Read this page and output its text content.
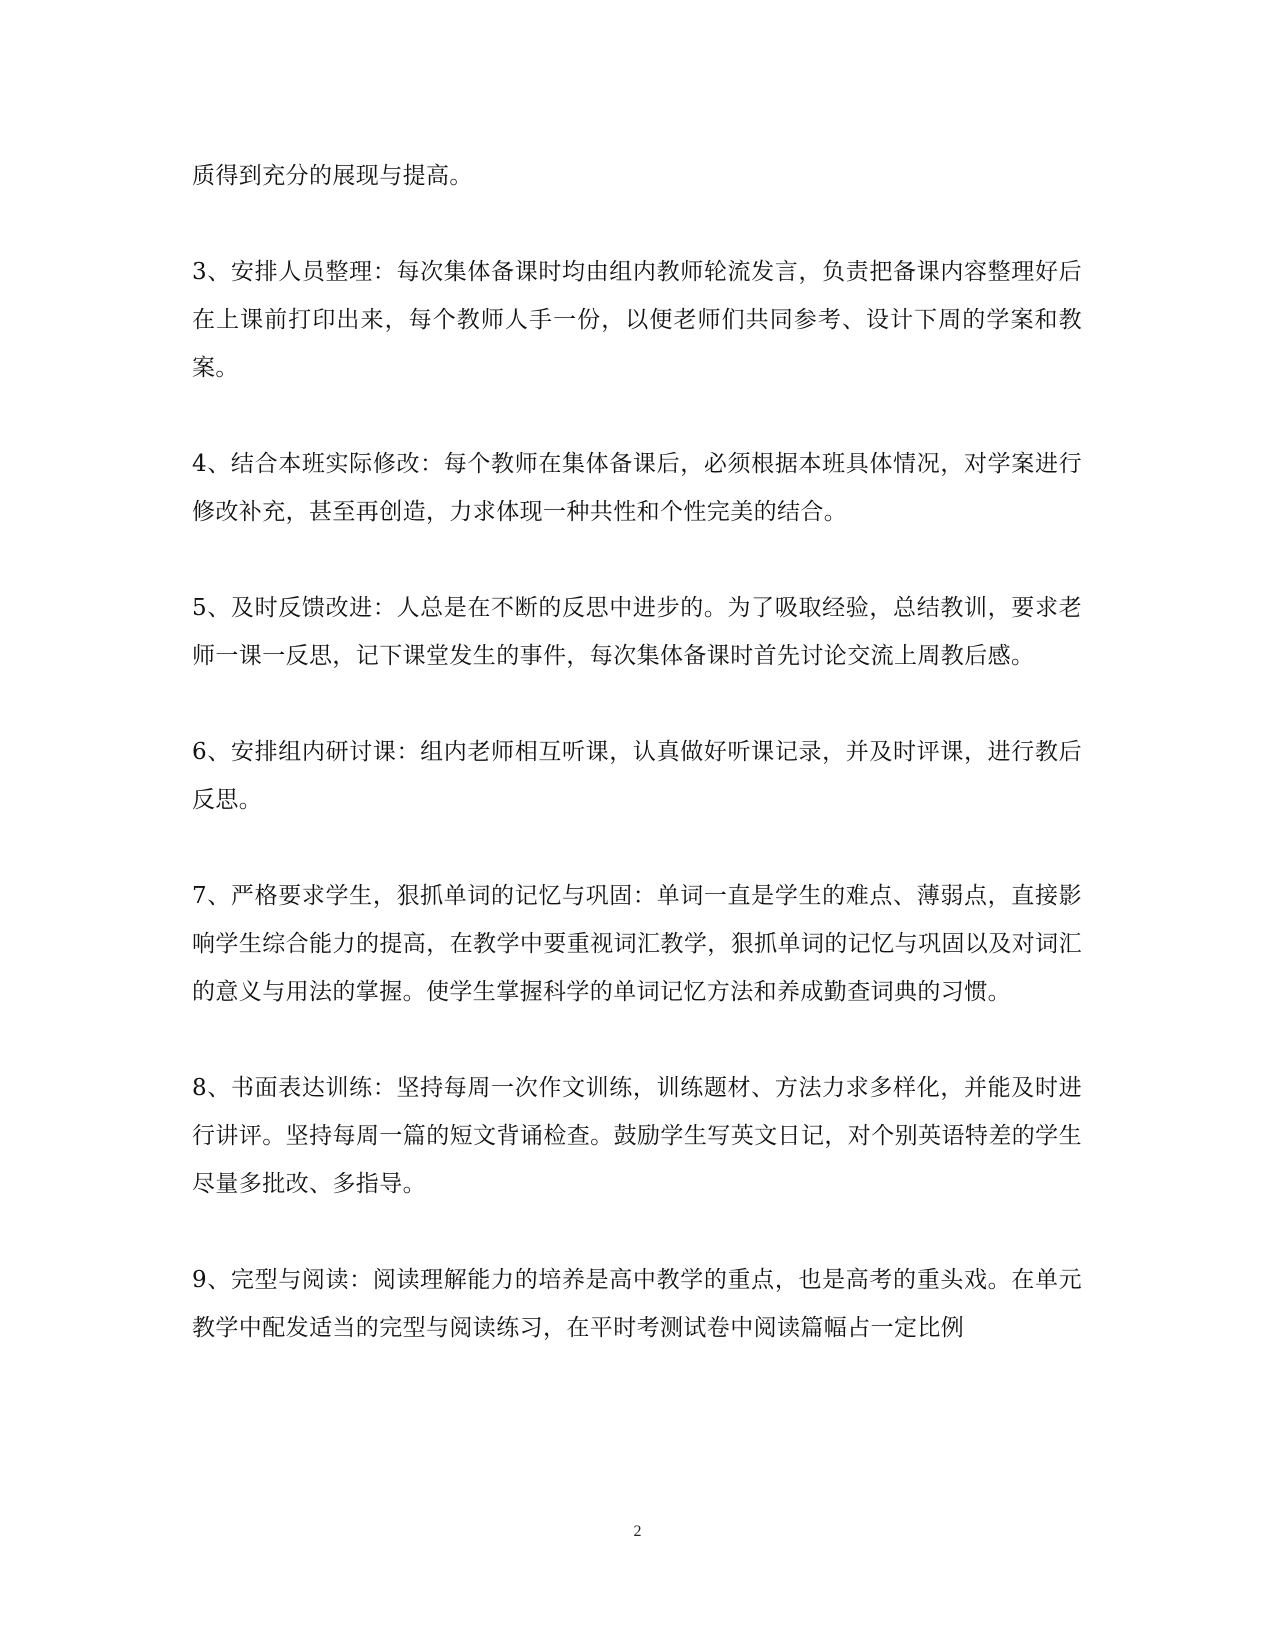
质得到充分的展现与提高。

3、安排人员整理：每次集体备课时均由组内教师轮流发言，负责把备课内容整理好后在上课前打印出来，每个教师人手一份，以便老师们共同参考、设计下周的学案和教案。

4、结合本班实际修改：每个教师在集体备课后，必须根据本班具体情况，对学案进行修改补充，甚至再创造，力求体现一种共性和个性完美的结合。

5、及时反馈改进：人总是在不断的反思中进步的。为了吸取经验，总结教训，要求老师一课一反思，记下课堂发生的事件，每次集体备课时首先讨论交流上周教后感。

6、安排组内研讨课：组内老师相互听课，认真做好听课记录，并及时评课，进行教后反思。

7、严格要求学生，狠抓单词的记忆与巩固：单词一直是学生的难点、薄弱点，直接影响学生综合能力的提高，在教学中要重视词汇教学，狠抓单词的记忆与巩固以及对词汇的意义与用法的掌握。使学生掌握科学的单词记忆方法和养成勤查词典的习惯。

8、书面表达训练：坚持每周一次作文训练，训练题材、方法力求多样化，并能及时进行讲评。坚持每周一篇的短文背诵检查。鼓励学生写英文日记，对个别英语特差的学生尽量多批改、多指导。

9、完型与阅读：阅读理解能力的培养是高中教学的重点，也是高考的重头戏。在单元教学中配发适当的完型与阅读练习，在平时考测试卷中阅读篇幅占一定比例

2
